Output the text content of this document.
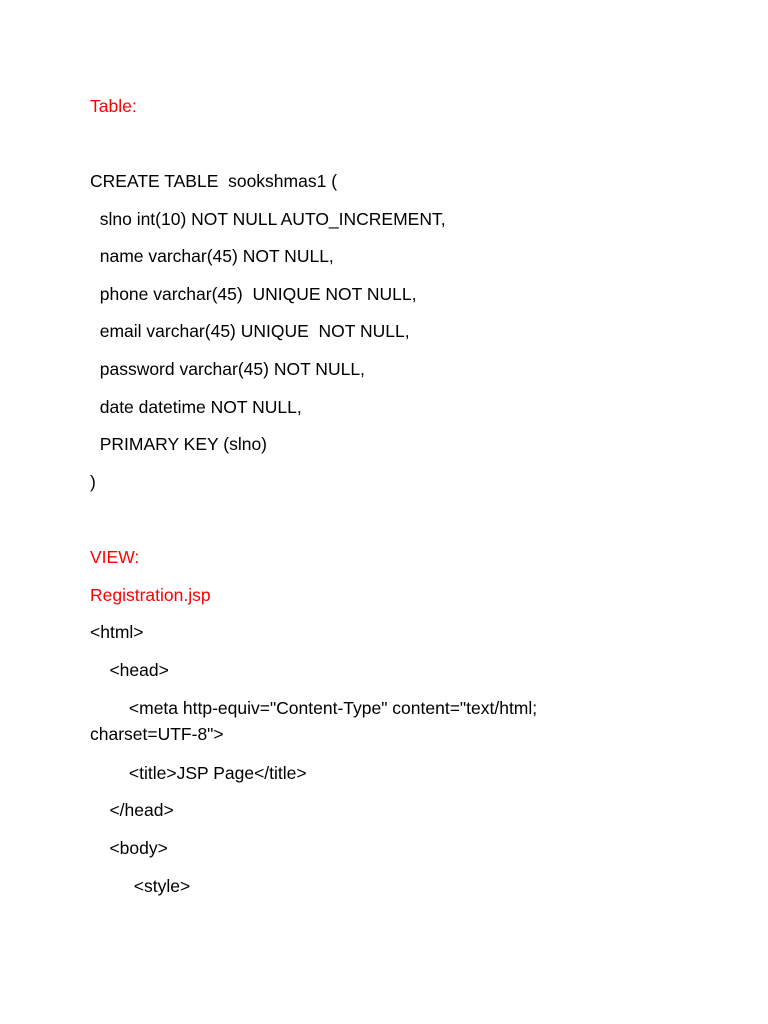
Table:
CREATE TABLE  sookshmas1 (
slno int(10) NOT NULL AUTO_INCREMENT,
name varchar(45) NOT NULL,
phone varchar(45)  UNIQUE NOT NULL,
email varchar(45) UNIQUE  NOT NULL,
password varchar(45) NOT NULL,
date datetime NOT NULL,
PRIMARY KEY (slno)
)
VIEW:
Registration.jsp
<html>
<head>
<meta http-equiv="Content-Type" content="text/html;
charset=UTF-8">
<title>JSP Page</title>
</head>
<body>
<style>
